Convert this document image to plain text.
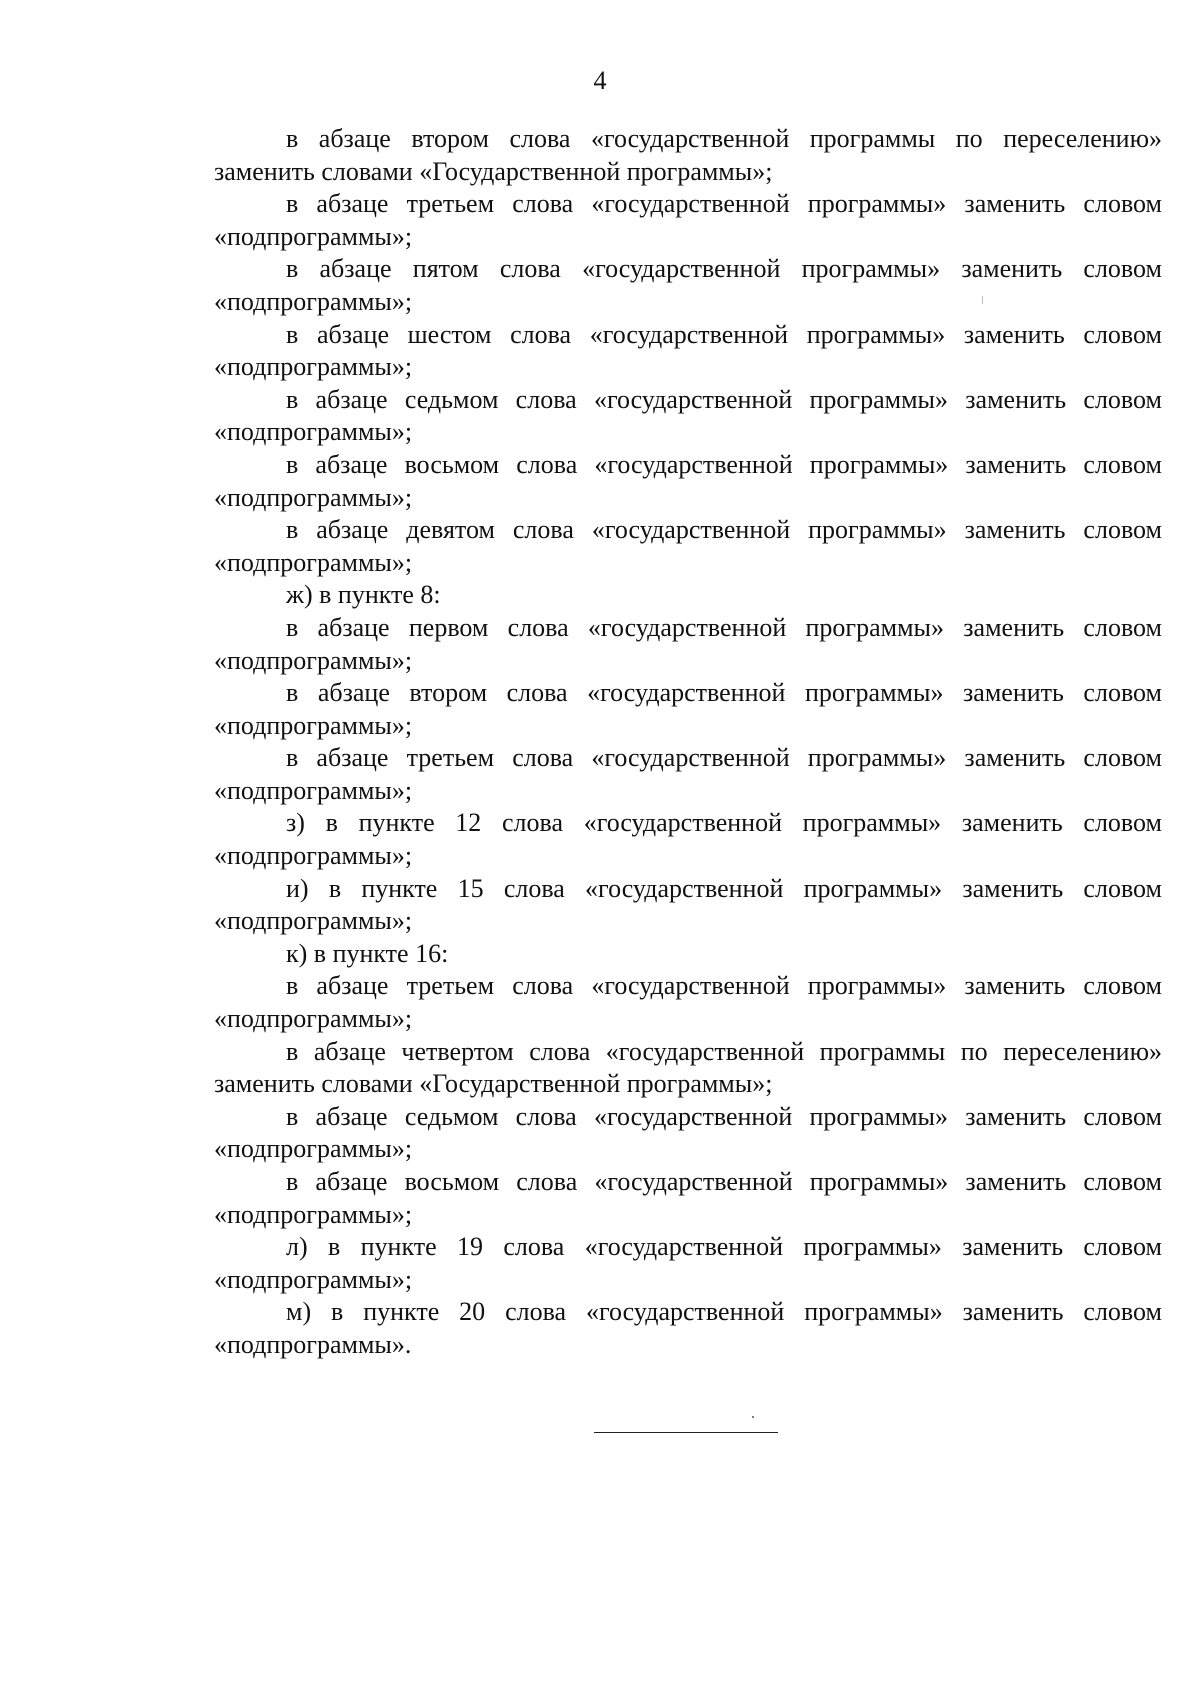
4

в абзаце втором слова «государственной программы по переселению» заменить словами «Государственной программы»;

в абзаце третьем слова «государственной программы» заменить словом «подпрограммы»;

в абзаце пятом слова «государственной программы» заменить словом «подпрограммы»;

в абзаце шестом слова «государственной программы» заменить словом «подпрограммы»;

в абзаце седьмом слова «государственной программы» заменить словом «подпрограммы»;

в абзаце восьмом слова «государственной программы» заменить словом «подпрограммы»;

в абзаце девятом слова «государственной программы» заменить словом «подпрограммы»;

ж) в пункте 8:

в абзаце первом слова «государственной программы» заменить словом «подпрограммы»;

в абзаце втором слова «государственной программы» заменить словом «подпрограммы»;

в абзаце третьем слова «государственной программы» заменить словом «подпрограммы»;

з) в пункте 12 слова «государственной программы» заменить словом «подпрограммы»;

и) в пункте 15 слова «государственной программы» заменить словом «подпрограммы»;

к) в пункте 16:

в абзаце третьем слова «государственной программы» заменить словом «подпрограммы»;

в абзаце четвертом слова «государственной программы по переселению» заменить словами «Государственной программы»;

в абзаце седьмом слова «государственной программы» заменить словом «подпрограммы»;

в абзаце восьмом слова «государственной программы» заменить словом «подпрограммы»;

л) в пункте 19 слова «государственной программы» заменить словом «подпрограммы»;

м) в пункте 20 слова «государственной программы» заменить словом «подпрограммы».
